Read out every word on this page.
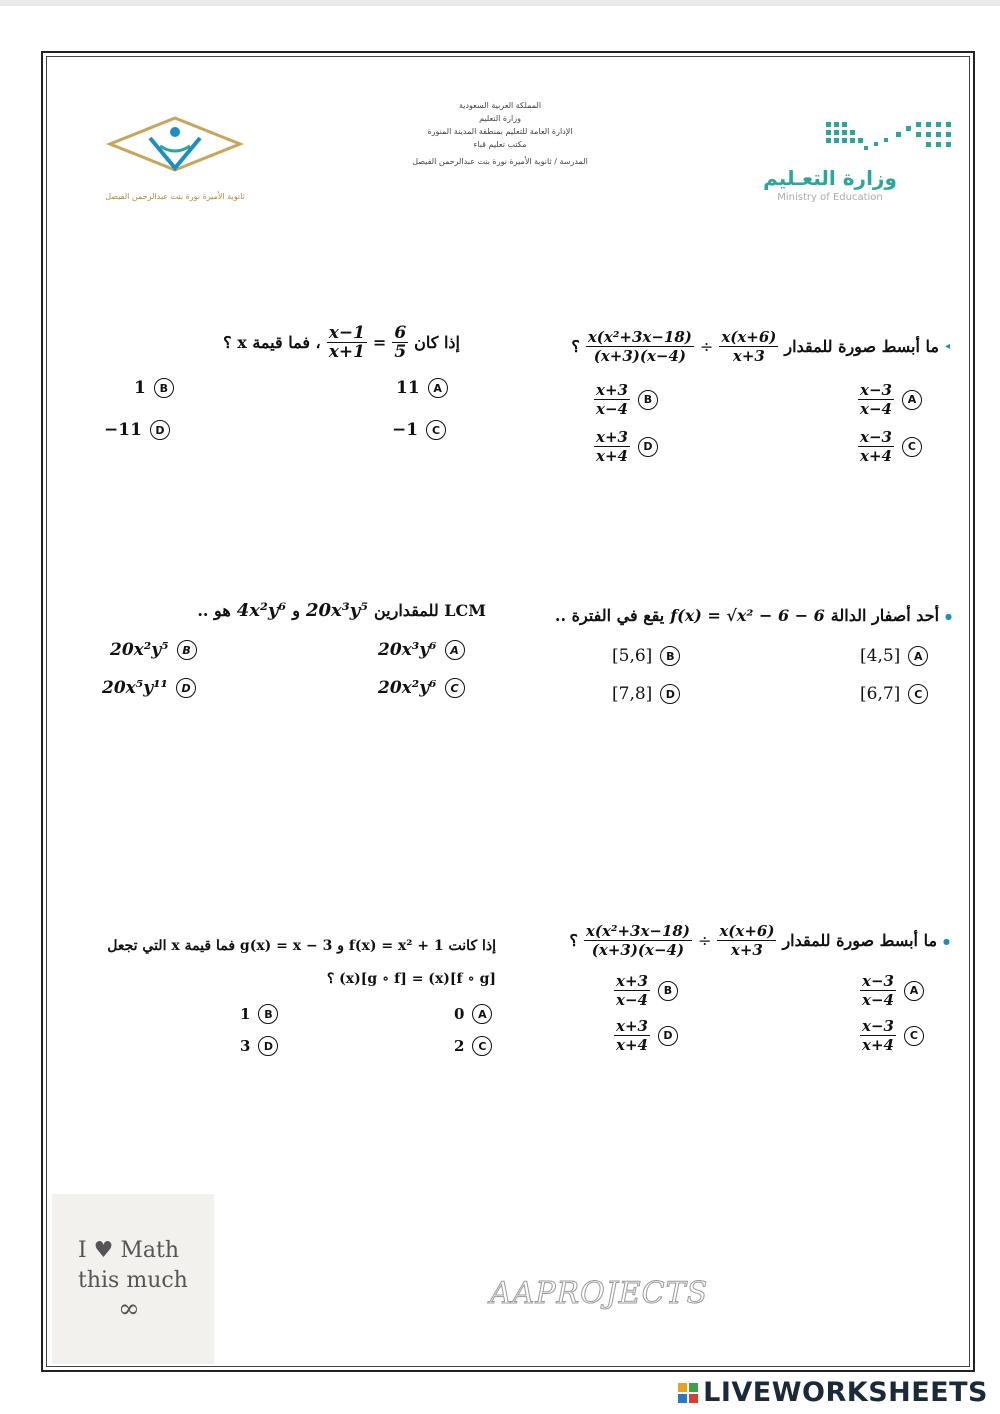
ثانوية الأميرة نورة بنت عبدالرحمن الفيصل
المملكة العربية السعودية
وزارة التعليم
الإدارة العامة للتعليم بمنطقة المدينة المنورة
مكتب تعليم قباء
المدرسة / ثانوية الأميرة نورة بنت عبدالرحمن الفيصل
وزارة التعـليم
Ministry of Education
◂
ما أبسط صورة للمقدار
$\frac{x(x+6)}{x+3}$
÷
$\frac{\text{x(x²+3x−18)}}{(x+3)(x-4)}$
؟
$\frac{x-3}{x-4}$	A
$\frac{x+3}{x-4}$	B
$\frac{x-3}{x+4}$	C
$\frac{x+3}{x+4}$	D
إذا كان
$\frac{6}{5}$
=
$\frac{x-1}{x+1}$
، فما قيمة x ؟
11	A
1	B
−1	C
−11	D
●
أحد أصفار الدالة
f(x) = √x² − 6 − 6
يقع في الفترة ..
[4,5]	A
[5,6]	B
[6,7]	C
[7,8]	D
LCM للمقدارين
20x³y⁵
و
4x²y⁶
هو ..
20x³y⁶	A
20x²y⁵	B
20x²y⁶	C
20x⁵y¹¹	D
●
ما أبسط صورة للمقدار
$\frac{x(x+6)}{x+3}$
÷
$\frac{\text{x(x²+3x−18)}}{(x+3)(x-4)}$
؟
$\frac{x-3}{x-4}$	A
$\frac{x+3}{x-4}$	B
$\frac{x-3}{x+4}$	C
$\frac{x+3}{x+4}$	D
إذا كانت f(x) = x² + 1 و g(x) = x − 3 فما قيمة x التي تجعل
[f ∘ g](x) = [g ∘ f](x) ؟
0	A
1	B
2	C
3	D
I ♥ Math
this much
∞	AAPROJECTS
LIVEWORKSHEETS
